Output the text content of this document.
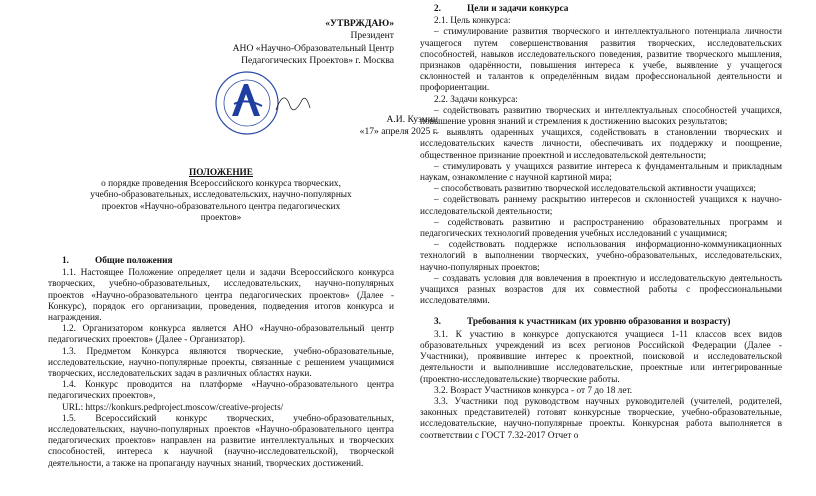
«УТВРЖДАЮ»
Президент
АНО «Научно-Образовательный Центр
Педагогических Проектов» г. Москва
А.И. Кузмин
«17» апреля 2025 г.
ПОЛОЖЕНИЕ
о порядке проведения Всероссийского конкурса творческих,
учебно-образовательных, исследовательских, научно-популярных
проектов «Научно-образовательного центра педагогических
проектов»
1.	Общие положения

1.1. Настоящее Положение определяет цели и задачи Всероссийского конкурса творческих, учебно-образовательных, исследовательских, научно-популярных проектов «Научно-образовательного центра педагогических проектов» (Далее - Конкурс), порядок его организации, проведения, подведения итогов конкурса и награждения.

1.2. Организатором конкурса является АНО «Научно-образовательный центр педагогических проектов» (Далее - Организатор).

1.3. Предметом Конкурса являются творческие, учебно-образовательные, исследовательские, научно-популярные проекты, связанные с решением учащимися творческих, исследовательских задач в различных областях науки.

1.4. Конкурс проводится на платформе «Научно-образовательного центра педагогических проектов»,

URL: https://konkurs.pedproject.moscow/creative-projects/

1.5. Всероссийский конкурс творческих, учебно-образовательных, исследовательских, научно-популярных проектов «Научно-образовательного центра педагогических проектов» направлен на развитие интеллектуальных и творческих способностей, интереса к научной (научно-исследовательской), творческой деятельности, а также на пропаганду научных знаний, творческих достижений.

2.	Цели и задачи конкурса

2.1. Цель конкурса:

– стимулирование развития творческого и интеллектуального потенциала личности учащегося путем совершенствования развития творческих, исследовательских способностей, навыков исследовательского поведения, развитие творческого мышления, признаков одарённости, повышения интереса к учебе, выявление у учащегося склонностей и талантов к определённым видам профессиональной деятельности и профориентации.

2.2. Задачи конкурса:

– содействовать развитию творческих и интеллектуальных способностей учащихся, повышение уровня знаний и стремления к достижению высоких результатов;

– выявлять одаренных учащихся, содействовать в становлении творческих и исследовательских качеств личности, обеспечивать их поддержку и поощрение, общественное признание проектной и исследовательской деятельности;

– стимулировать у учащихся развитие интереса к фундаментальным и прикладным наукам, ознакомление с научной картиной мира;

– способствовать развитию творческой исследовательской активности учащихся;

– содействовать раннему раскрытию интересов и склонностей учащихся к научно-исследовательской деятельности;

– содействовать развитию и распространению образовательных программ и педагогических технологий проведения учебных исследований с учащимися;

– содействовать поддержке использования информационно-коммуникационных технологий в выполнении творческих, учебно-образовательных, исследовательских, научно-популярных проектов;

– создавать условия для вовлечения в проектную и исследовательскую деятельность учащихся разных возрастов для их совместной работы с профессиональными исследователями.

3.	Требования к участникам (их уровню образования и возрасту)

3.1. К участию в конкурсе допускаются учащиеся 1-11 классов всех видов образовательных учреждений из всех регионов Российской Федерации (Далее - Участники), проявившие интерес к проектной, поисковой и исследовательской деятельности и выполнившие исследовательские, проектные или интегрированные (проектно-исследовательские) творческие работы.

3.2. Возраст Участников конкурса - от 7 до 18 лет.

3.3. Участники под руководством научных руководителей (учителей, родителей, законных представителей) готовят конкурсные творческие, учебно-образовательные, исследовательские, научно-популярные проекты. Конкурсная работа выполняется в соответствии с ГОСТ 7.32-2017 Отчет о
